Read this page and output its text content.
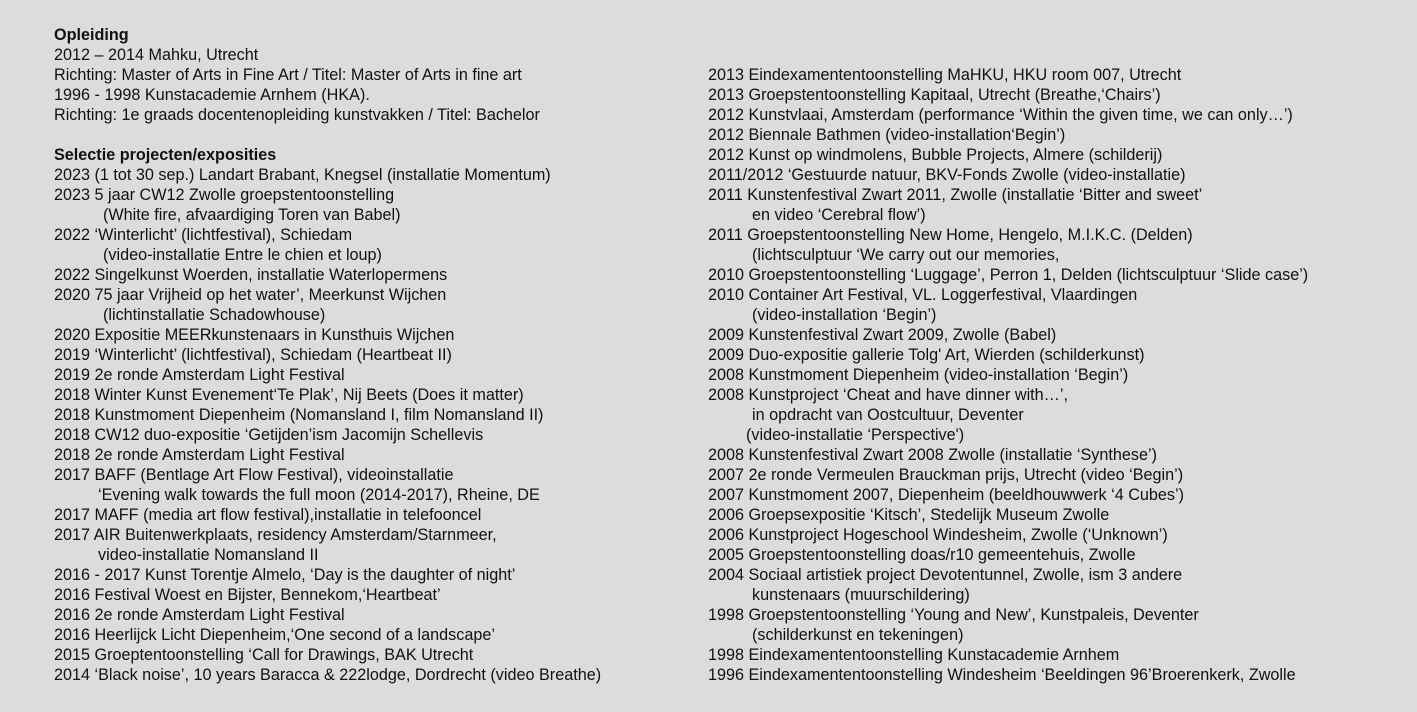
Opleiding
2012 – 2014 Mahku, Utrecht
Richting: Master of Arts in Fine Art / Titel: Master of Arts in fine art
1996 - 1998 Kunstacademie Arnhem (HKA).
Richting: 1e graads docentenopleiding kunstvakken / Titel: Bachelor
Selectie projecten/exposities
2023 (1 tot 30 sep.) Landart Brabant, Knegsel (installatie Momentum)
2023 5 jaar CW12 Zwolle groepstentoonstelling
(White fire, afvaardiging Toren van Babel)
2022 ‘Winterlicht’ (lichtfestival), Schiedam
(video-installatie Entre le chien et loup)
2022 Singelkunst Woerden, installatie Waterlopermens
2020 75 jaar Vrijheid op het water’, Meerkunst Wijchen
(lichtinstallatie Schadowhouse)
2020 Expositie MEERkunstenaars in Kunsthuis Wijchen
2019 ‘Winterlicht’ (lichtfestival), Schiedam (Heartbeat II)
2019 2e ronde Amsterdam Light Festival
2018 Winter Kunst Evenement‘Te Plak’, Nij Beets (Does it matter)
2018 Kunstmoment Diepenheim (Nomansland I, film Nomansland II)
2018 CW12 duo-expositie ‘Getijden’ism Jacomijn Schellevis
2018 2e ronde Amsterdam Light Festival
2017 BAFF (Bentlage Art Flow Festival), videoinstallatie
‘Evening walk towards the full moon (2014-2017), Rheine, DE
2017 MAFF (media art flow festival),installatie in telefooncel
2017 AIR Buitenwerkplaats, residency Amsterdam/Starnmeer,
video-installatie Nomansland II
2016 - 2017 Kunst Torentje Almelo, ‘Day is the daughter of night’
2016 Festival Woest en Bijster, Bennekom,‘Heartbeat’
2016 2e ronde Amsterdam Light Festival
2016 Heerlijck Licht Diepenheim,‘One second of a landscape’
2015 Groeptentoonstelling ‘Call for Drawings, BAK Utrecht
2014 ‘Black noise’, 10 years Baracca & 222lodge, Dordrecht (video Breathe)
2013 Eindexamententoonstelling MaHKU, HKU room 007, Utrecht
2013 Groepstentoonstelling Kapitaal, Utrecht (Breathe,‘Chairs’)
2012 Kunstvlaai, Amsterdam (performance ‘Within the given time, we can only…’)
2012 Biennale Bathmen (video-installation‘Begin’)
2012 Kunst op windmolens, Bubble Projects, Almere (schilderij)
2011/2012 ‘Gestuurde natuur, BKV-Fonds Zwolle (video-installatie)
2011 Kunstenfestival Zwart 2011, Zwolle (installatie ‘Bitter and sweet’
en video ‘Cerebral flow’)
2011 Groepstentoonstelling New Home, Hengelo, M.I.K.C. (Delden)
(lichtsculptuur ‘We carry out our memories,
2010 Groepstentoonstelling ‘Luggage’, Perron 1, Delden (lichtsculptuur ‘Slide case’)
2010 Container Art Festival, VL. Loggerfestival, Vlaardingen
(video-installation ‘Begin’)
2009 Kunstenfestival Zwart 2009, Zwolle (Babel)
2009 Duo-expositie gallerie Tolg' Art, Wierden (schilderkunst)
2008 Kunstmoment Diepenheim (video-installation ‘Begin’)
2008 Kunstproject ‘Cheat and have dinner with…’,
in opdracht van Oostcultuur, Deventer
(video-installatie ‘Perspective')
2008 Kunstenfestival Zwart 2008 Zwolle (installatie ‘Synthese’)
2007 2e ronde Vermeulen Brauckman prijs, Utrecht (video ‘Begin’)
2007 Kunstmoment 2007, Diepenheim (beeldhouwwerk ‘4 Cubes’)
2006 Groepsexpositie ‘Kitsch’, Stedelijk Museum Zwolle
2006 Kunstproject Hogeschool Windesheim, Zwolle (‘Unknown’)
2005 Groepstentoonstelling doas/r10 gemeentehuis, Zwolle
2004 Sociaal artistiek project Devotentunnel, Zwolle, ism 3 andere
kunstenaars (muurschildering)
1998 Groepstentoonstelling ‘Young and New’, Kunstpaleis, Deventer
(schilderkunst en tekeningen)
1998 Eindexamententoonstelling Kunstacademie Arnhem
1996 Eindexamententoonstelling Windesheim ‘Beeldingen 96’Broerenkerk, Zwolle
